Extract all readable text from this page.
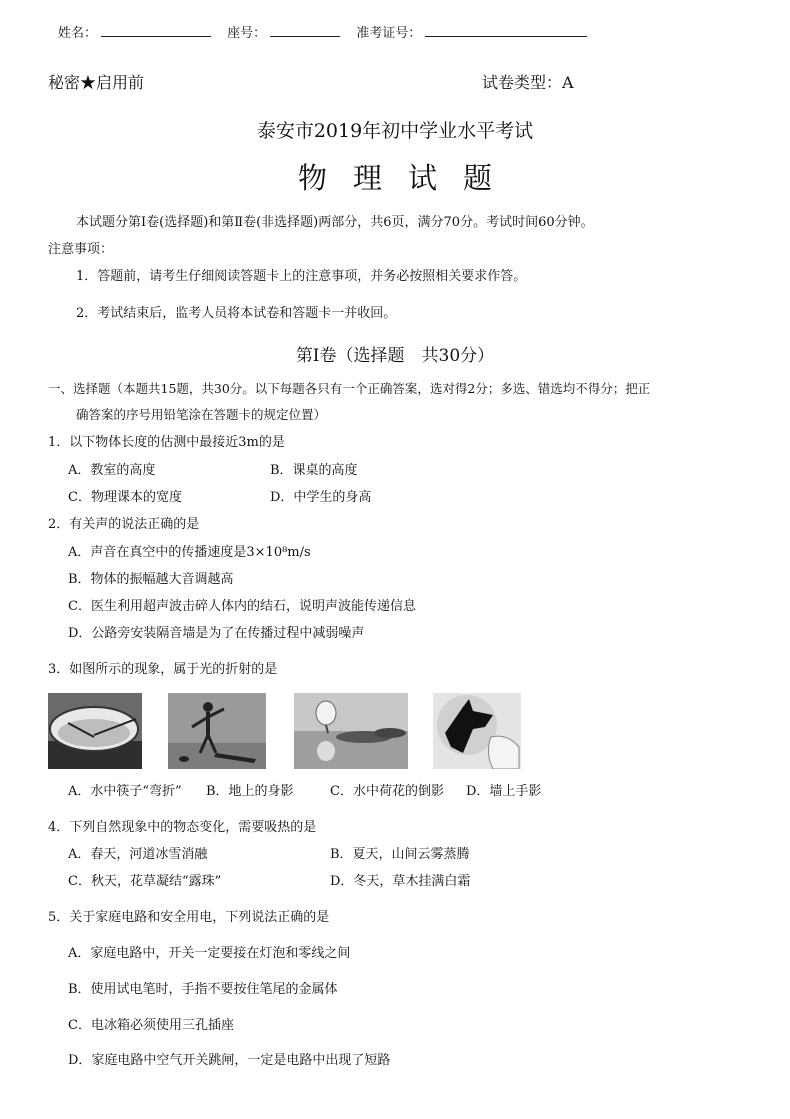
姓名：	座号：	准考证号：
秘密★启用前	试卷类型：A
泰安市2019年初中学业水平考试
物理试题
本试题分第Ⅰ卷(选择题)和第Ⅱ卷(非选择题)两部分，共6页，满分70分。考试时间60分钟。
注意事项：
1．答题前，请考生仔细阅读答题卡上的注意事项，并务必按照相关要求作答。
2．考试结束后，监考人员将本试卷和答题卡一并收回。
第Ⅰ卷（选择题　共30分）
一、选择题（本题共15题，共30分。以下每题各只有一个正确答案，选对得2分；多选、错选均不得分；把正
确答案的序号用铅笔涂在答题卡的规定位置）
1．以下物体长度的估测中最接近3m的是
A．教室的高度	B．课桌的高度
C．物理课本的宽度	D．中学生的身高
2．有关声的说法正确的是
A．声音在真空中的传播速度是3×10⁸m/s
B．物体的振幅越大音调越高
C．医生利用超声波击碎人体内的结石，说明声波能传递信息
D．公路旁安装隔音墙是为了在传播过程中减弱噪声
3．如图所示的现象，属于光的折射的是
A．水中筷子“弯折” B．地上的身影	C．水中荷花的倒影 D．墙上手影
4．下列自然现象中的物态变化，需要吸热的是
A．春天，河道冰雪消融	B．夏天，山间云雾蒸腾
C．秋天，花草凝结“露珠”	D．冬天，草木挂满白霜
5．关于家庭电路和安全用电，下列说法正确的是
A．家庭电路中，开关一定要接在灯泡和零线之间
B．使用试电笔时，手指不要按住笔尾的金属体
C．电冰箱必须使用三孔插座
D．家庭电路中空气开关跳闸，一定是电路中出现了短路
